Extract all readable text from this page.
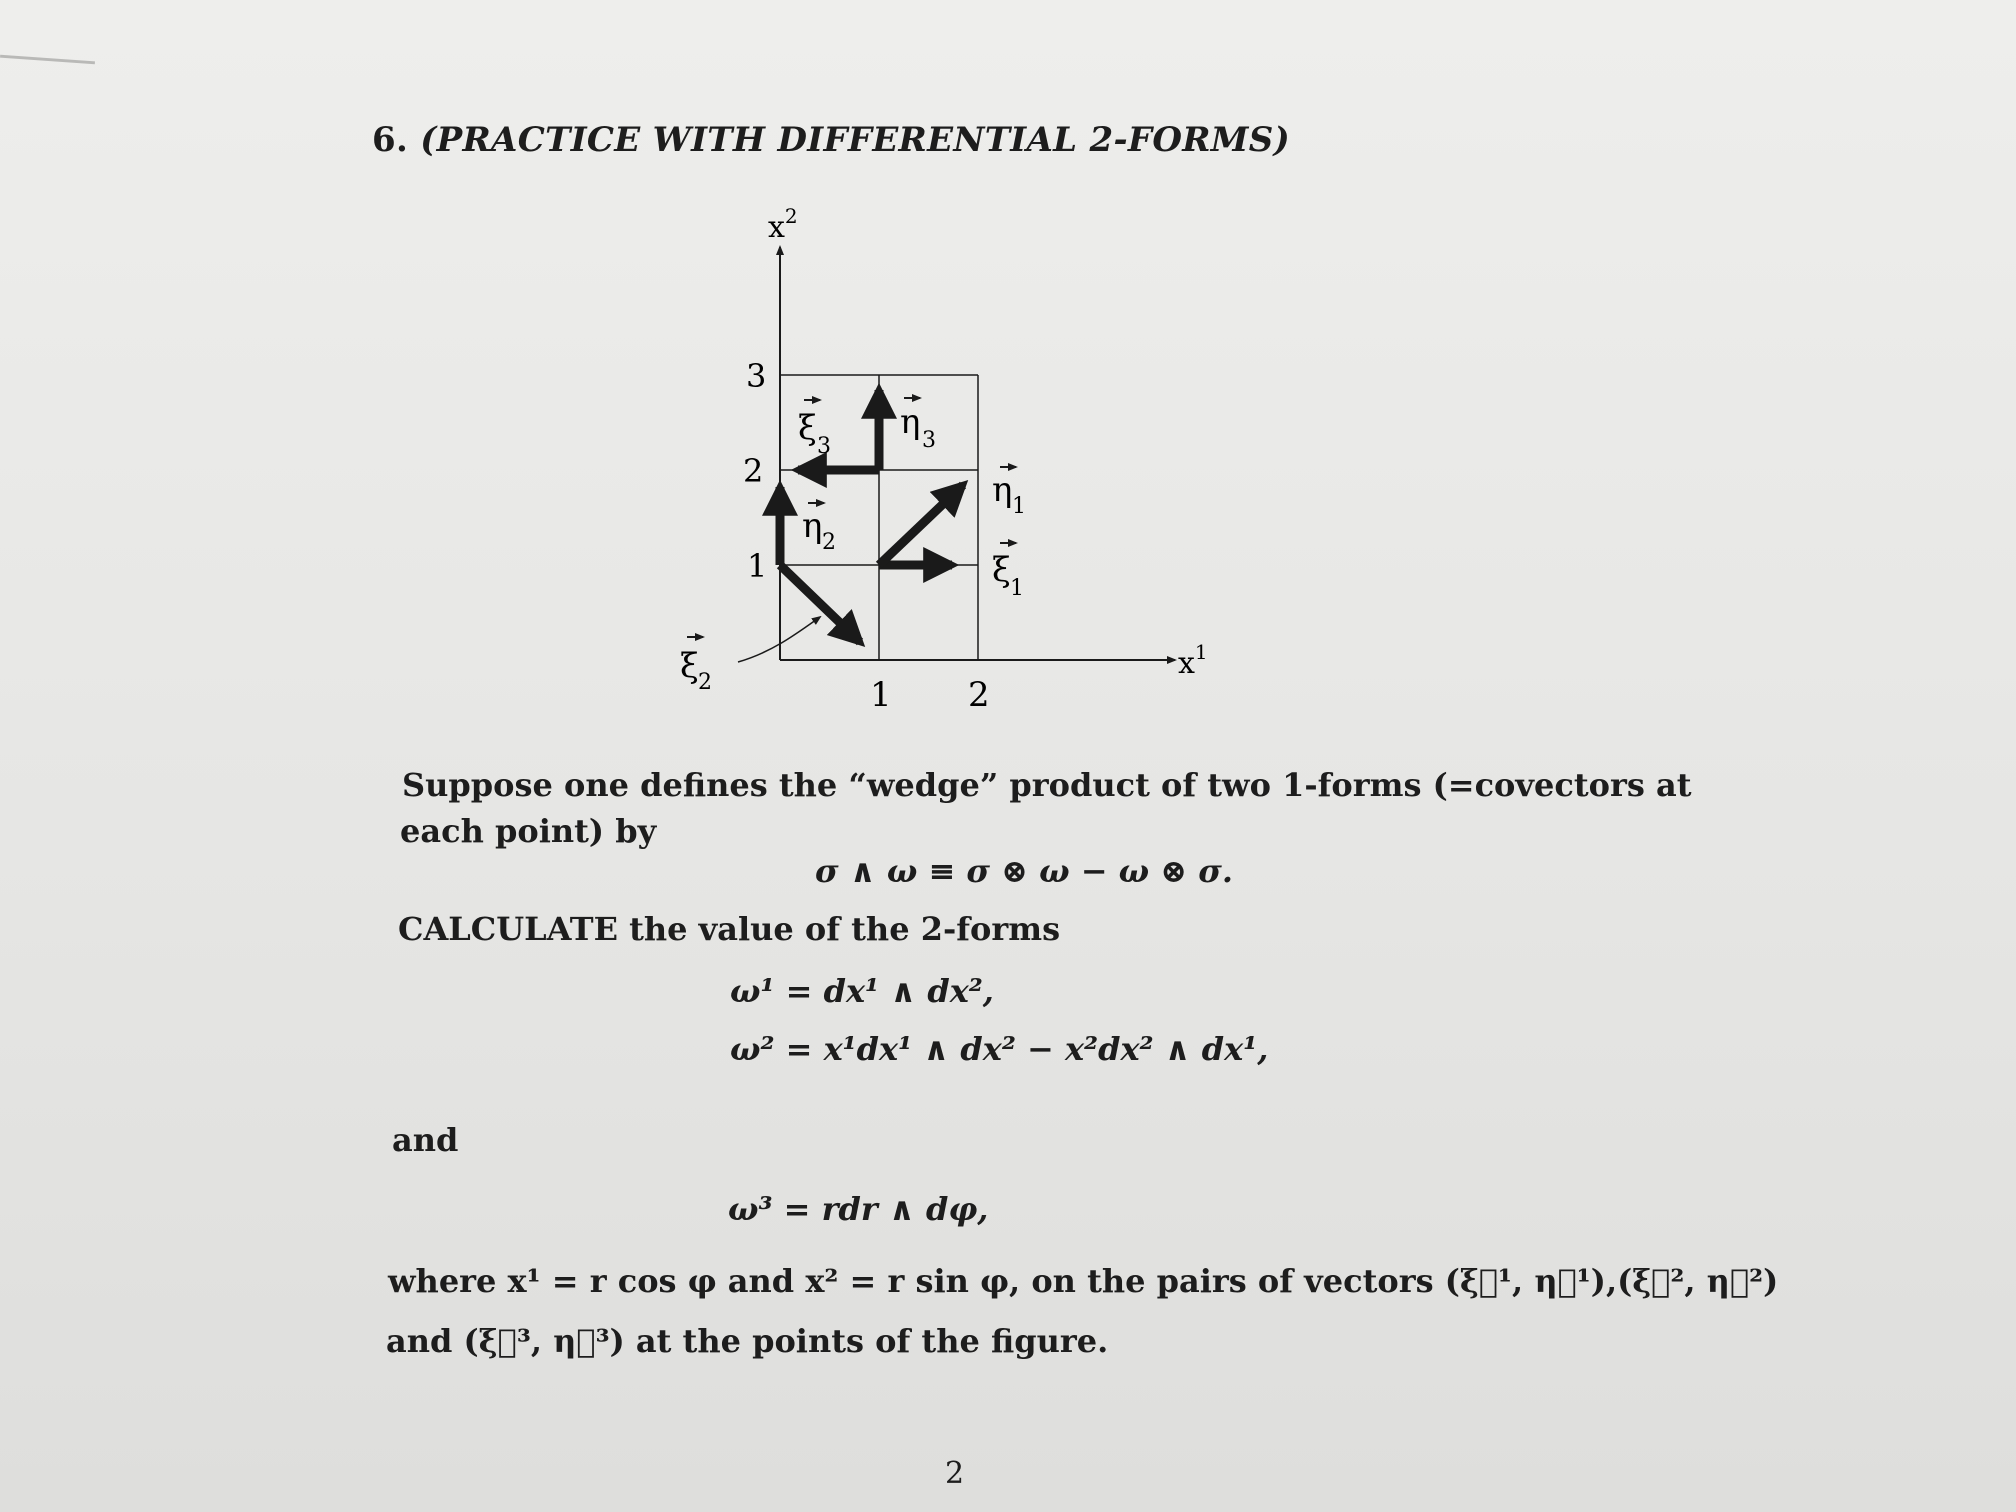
6. (PRACTICE WITH DIFFERENTIAL 2-FORMS)
$x^1$
$x^2$
1 2
1
2
3
ξ 1
η 1
ξ 2
η 2
ξ 3
η 3
Suppose one defines the “wedge” product of two 1-forms (=covectors at
each point) by
σ ∧ ω ≡ σ ⊗ ω − ω ⊗ σ.
CALCULATE the value of the 2-forms
ω¹ = dx¹ ∧ dx²,
ω² = x¹dx¹ ∧ dx² − x²dx² ∧ dx¹,
and
ω³ = rdr ∧ dφ,
where x¹ = r cos φ and x² = r sin φ, on the pairs of vectors (ξ⃗¹, η⃗¹),(ξ⃗², η⃗²)
and (ξ⃗³, η⃗³) at the points of the figure.
2
